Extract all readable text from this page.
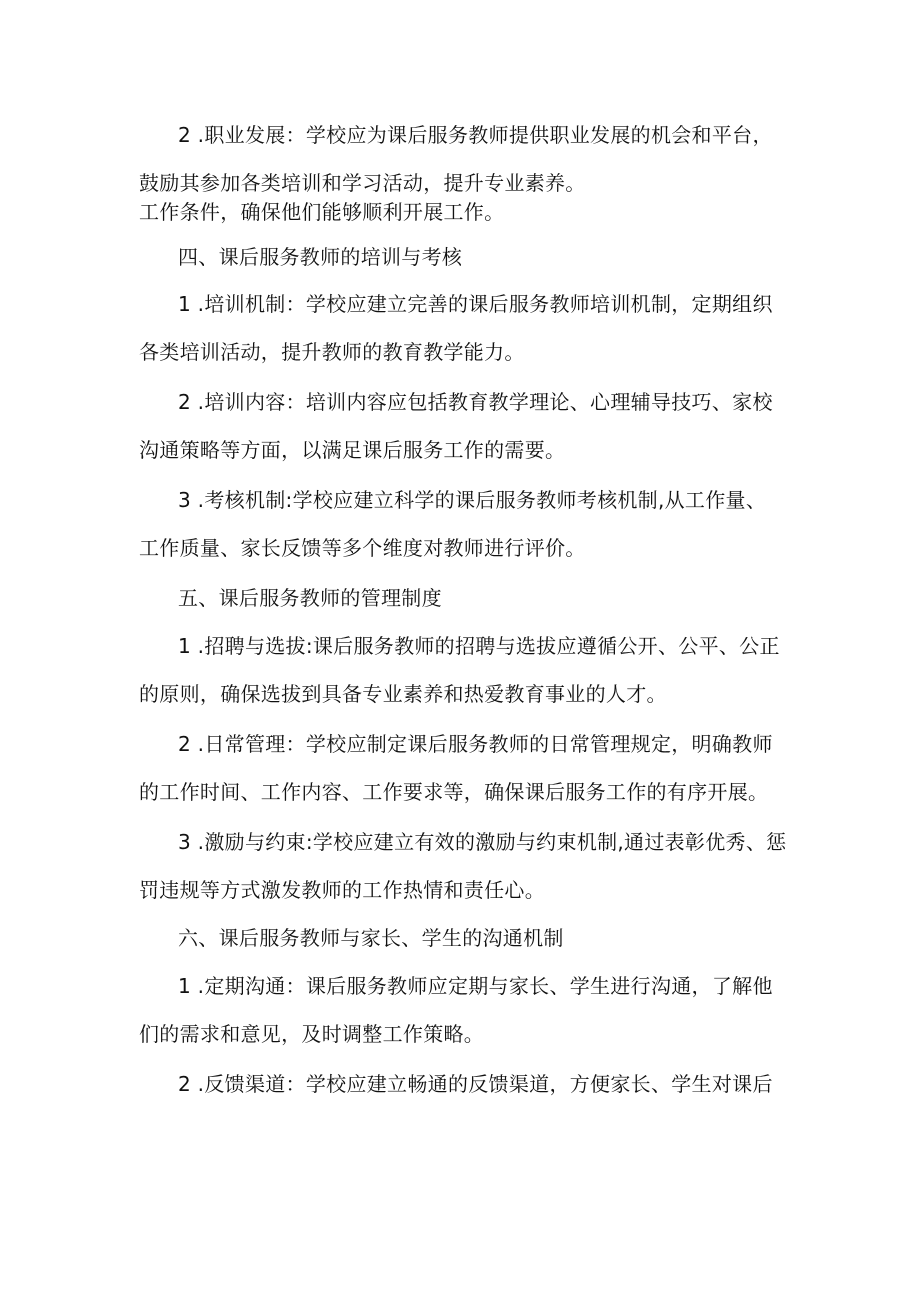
2 .职业发展：学校应为课后服务教师提供职业发展的机会和平台，
鼓励其参加各类培训和学习活动，提升专业素养。
工作条件，确保他们能够顺利开展工作。
四、课后服务教师的培训与考核
1 .培训机制：学校应建立完善的课后服务教师培训机制，定期组织
各类培训活动，提升教师的教育教学能力。
2 .培训内容：培训内容应包括教育教学理论、心理辅导技巧、家校
沟通策略等方面，以满足课后服务工作的需要。
3 .考核机制:学校应建立科学的课后服务教师考核机制,从工作量、
工作质量、家长反馈等多个维度对教师进行评价。
五、课后服务教师的管理制度
1 .招聘与选拔:课后服务教师的招聘与选拔应遵循公开、公平、公正
的原则，确保选拔到具备专业素养和热爱教育事业的人才。
2 .日常管理：学校应制定课后服务教师的日常管理规定，明确教师
的工作时间、工作内容、工作要求等，确保课后服务工作的有序开展。
3 .激励与约束:学校应建立有效的激励与约束机制,通过表彰优秀、惩
罚违规等方式激发教师的工作热情和责任心。
六、课后服务教师与家长、学生的沟通机制
1 .定期沟通：课后服务教师应定期与家长、学生进行沟通，了解他
们的需求和意见，及时调整工作策略。
2 .反馈渠道：学校应建立畅通的反馈渠道，方便家长、学生对课后
